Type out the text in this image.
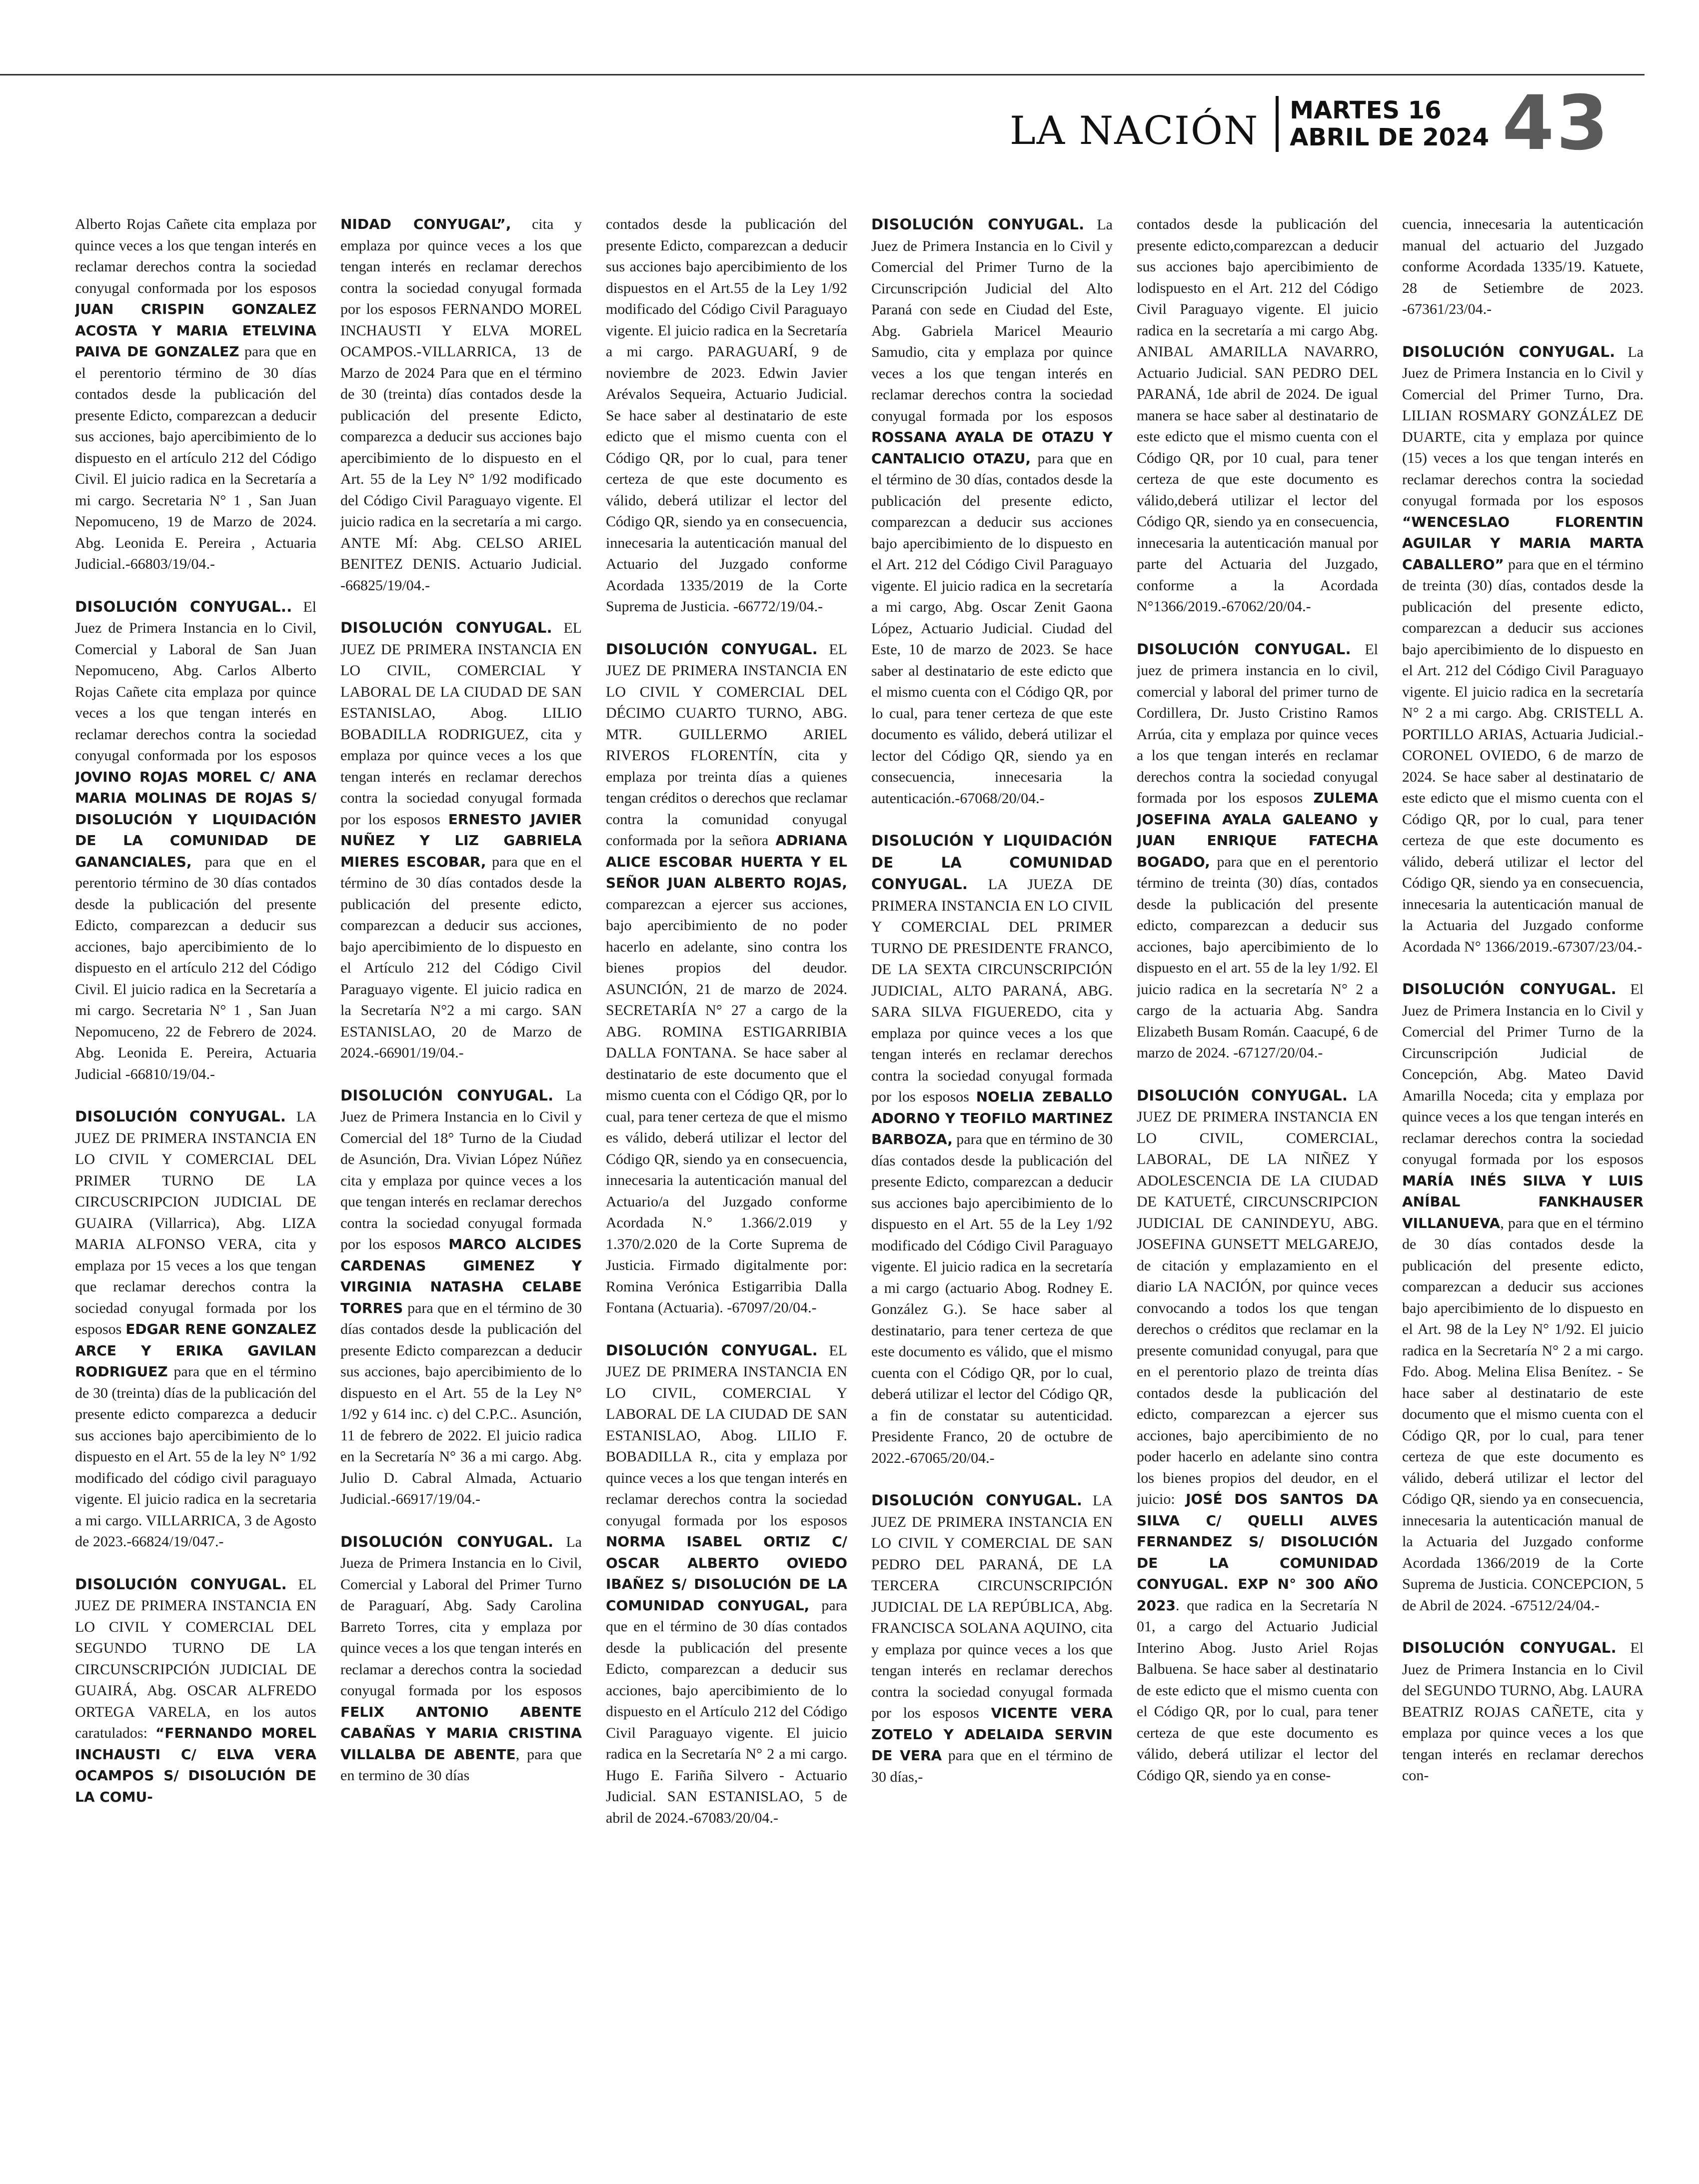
LA NACIÓN MARTES 16
ABRIL DE 2024 43

Alberto Rojas Cañete cita emplaza por quince veces a los que tengan interés en reclamar derechos contra la sociedad conyugal conformada por los esposos JUAN CRISPIN GONZALEZ ACOSTA Y MARIA ETELVINA PAIVA DE GONZALEZ para que en el perentorio término de 30 días contados desde la publicación del presente Edicto, comparezcan a deducir sus acciones, bajo apercibimiento de lo dispuesto en el artículo 212 del Código Civil. El juicio radica en la Secretaría a mi cargo. Secretaria N° 1 , San Juan Nepomuceno, 19 de Marzo de 2024. Abg. Leonida E. Pereira , Actuaria Judicial.-66803/19/04.-

DISOLUCIÓN CONYUGAL.. El Juez de Primera Instancia en lo Civil, Comercial y Laboral de San Juan Nepomuceno, Abg. Carlos Alberto Rojas Cañete cita emplaza por quince veces a los que tengan interés en reclamar derechos contra la sociedad conyugal conformada por los esposos JOVINO ROJAS MOREL C/ ANA MARIA MOLINAS DE ROJAS S/ DISOLUCIÓN Y LIQUIDACIÓN DE LA COMUNIDAD DE GANANCIALES, para que en el perentorio término de 30 días contados desde la publicación del presente Edicto, comparezcan a deducir sus acciones, bajo apercibimiento de lo dispuesto en el artículo 212 del Código Civil. El juicio radica en la Secretaría a mi cargo. Secretaria N° 1 , San Juan Nepomuceno, 22 de Febrero de 2024. Abg. Leonida E. Pereira, Actuaria Judicial -66810/19/04.-

DISOLUCIÓN CONYUGAL. LA JUEZ DE PRIMERA INSTANCIA EN LO CIVIL Y COMERCIAL DEL PRIMER TURNO DE LA CIRCUSCRIPCION JUDICIAL DE GUAIRA (Villarrica), Abg. LIZA MARIA ALFONSO VERA, cita y emplaza por 15 veces a los que tengan que reclamar derechos contra la sociedad conyugal formada por los esposos EDGAR RENE GONZALEZ ARCE Y ERIKA GAVILAN RODRIGUEZ para que en el término de 30 (treinta) días de la publicación del presente edicto comparezca a deducir sus acciones bajo apercibimiento de lo dispuesto en el Art. 55 de la ley N° 1/92 modificado del código civil paraguayo vigente. El juicio radica en la secretaria a mi cargo. VILLARRICA, 3 de Agosto de 2023.-66824/19/047.-

DISOLUCIÓN CONYUGAL. EL JUEZ DE PRIMERA INSTANCIA EN LO CIVIL Y COMERCIAL DEL SEGUNDO TURNO DE LA CIRCUNSCRIPCIÓN JUDICIAL DE GUAIRÁ, Abg. OSCAR ALFREDO ORTEGA VARELA, en los autos caratulados: “FERNANDO MOREL INCHAUSTI C/ ELVA VERA OCAMPOS S/ DISOLUCIÓN DE LA COMU-

NIDAD CONYUGAL”, cita y emplaza por quince veces a los que tengan interés en reclamar derechos contra la sociedad conyugal formada por los esposos FERNANDO MOREL INCHAUSTI Y ELVA MOREL OCAMPOS.-VILLARRICA, 13 de Marzo de 2024 Para que en el término de 30 (treinta) días contados desde la publicación del presente Edicto, comparezca a deducir sus acciones bajo apercibimiento de lo dispuesto en el Art. 55 de la Ley N° 1/92 modificado del Código Civil Paraguayo vigente. El juicio radica en la secretaría a mi cargo. ANTE MÍ: Abg. CELSO ARIEL BENITEZ DENIS. Actuario Judicial. -66825/19/04.-

DISOLUCIÓN CONYUGAL. EL JUEZ DE PRIMERA INSTANCIA EN LO CIVIL, COMERCIAL Y LABORAL DE LA CIUDAD DE SAN ESTANISLAO, Abog. LILIO BOBADILLA RODRIGUEZ, cita y emplaza por quince veces a los que tengan interés en reclamar derechos contra la sociedad conyugal formada por los esposos ERNESTO JAVIER NUÑEZ Y LIZ GABRIELA MIERES ESCOBAR, para que en el término de 30 días contados desde la publicación del presente edicto, comparezcan a deducir sus acciones, bajo apercibimiento de lo dispuesto en el Artículo 212 del Código Civil Paraguayo vigente. El juicio radica en la Secretaría N°2 a mi cargo. SAN ESTANISLAO, 20 de Marzo de 2024.-66901/19/04.-

DISOLUCIÓN CONYUGAL. La Juez de Primera Instancia en lo Civil y Comercial del 18° Turno de la Ciudad de Asunción, Dra. Vivian López Núñez cita y emplaza por quince veces a los que tengan interés en reclamar derechos contra la sociedad conyugal formada por los esposos MARCO ALCIDES CARDENAS GIMENEZ Y VIRGINIA NATASHA CELABE TORRES para que en el término de 30 días contados desde la publicación del presente Edicto comparezcan a deducir sus acciones, bajo apercibimiento de lo dispuesto en el Art. 55 de la Ley N° 1/92 y 614 inc. c) del C.P.C.. Asunción, 11 de febrero de 2022. El juicio radica en la Secretaría N° 36 a mi cargo. Abg. Julio D. Cabral Almada, Actuario Judicial.-66917/19/04.-

DISOLUCIÓN CONYUGAL. La Jueza de Primera Instancia en lo Civil, Comercial y Laboral del Primer Turno de Paraguarí, Abg. Sady Carolina Barreto Torres, cita y emplaza por quince veces a los que tengan interés en reclamar a derechos contra la sociedad conyugal formada por los esposos FELIX ANTONIO ABENTE CABAÑAS Y MARIA CRISTINA VILLALBA DE ABENTE, para que en termino de 30 días

contados desde la publicación del presente Edicto, comparezcan a deducir sus acciones bajo apercibimiento de los dispuestos en el Art.55 de la Ley 1/92 modificado del Código Civil Paraguayo vigente. El juicio radica en la Secretaría a mi cargo. PARAGUARÍ, 9 de noviembre de 2023. Edwin Javier Arévalos Sequeira, Actuario Judicial. Se hace saber al destinatario de este edicto que el mismo cuenta con el Código QR, por lo cual, para tener certeza de que este documento es válido, deberá utilizar el lector del Código QR, siendo ya en consecuencia, innecesaria la autenticación manual del Actuario del Juzgado conforme Acordada 1335/2019 de la Corte Suprema de Justicia. -66772/19/04.-

DISOLUCIÓN CONYUGAL. EL JUEZ DE PRIMERA INSTANCIA EN LO CIVIL Y COMERCIAL DEL DÉCIMO CUARTO TURNO, ABG. MTR. GUILLERMO ARIEL RIVEROS FLORENTÍN, cita y emplaza por treinta días a quienes tengan créditos o derechos que reclamar contra la comunidad conyugal conformada por la señora ADRIANA ALICE ESCOBAR HUERTA Y EL SEÑOR JUAN ALBERTO ROJAS, comparezcan a ejercer sus acciones, bajo apercibimiento de no poder hacerlo en adelante, sino contra los bienes propios del deudor. ASUNCIÓN, 21 de marzo de 2024. SECRETARÍA N° 27 a cargo de la ABG. ROMINA ESTIGARRIBIA DALLA FONTANA. Se hace saber al destinatario de este documento que el mismo cuenta con el Código QR, por lo cual, para tener certeza de que el mismo es válido, deberá utilizar el lector del Código QR, siendo ya en consecuencia, innecesaria la autenticación manual del Actuario/a del Juzgado conforme Acordada N.° 1.366/2.019 y 1.370/2.020 de la Corte Suprema de Justicia. Firmado digitalmente por: Romina Verónica Estigarribia Dalla Fontana (Actuaria). -67097/20/04.-

DISOLUCIÓN CONYUGAL. EL JUEZ DE PRIMERA INSTANCIA EN LO CIVIL, COMERCIAL Y LABORAL DE LA CIUDAD DE SAN ESTANISLAO, Abog. LILIO F. BOBADILLA R., cita y emplaza por quince veces a los que tengan interés en reclamar derechos contra la sociedad conyugal formada por los esposos NORMA ISABEL ORTIZ C/ OSCAR ALBERTO OVIEDO IBAÑEZ S/ DISOLUCIÓN DE LA COMUNIDAD CONYUGAL, para que en el término de 30 días contados desde la publicación del presente Edicto, comparezcan a deducir sus acciones, bajo apercibimiento de lo dispuesto en el Artículo 212 del Código Civil Paraguayo vigente. El juicio radica en la Secretaría N° 2 a mi cargo. Hugo E. Fariña Silvero - Actuario Judicial. SAN ESTANISLAO, 5 de abril de 2024.-67083/20/04.-

DISOLUCIÓN CONYUGAL. La Juez de Primera Instancia en lo Civil y Comercial del Primer Turno de la Circunscripción Judicial del Alto Paraná con sede en Ciudad del Este, Abg. Gabriela Maricel Meaurio Samudio, cita y emplaza por quince veces a los que tengan interés en reclamar derechos contra la sociedad conyugal formada por los esposos ROSSANA AYALA DE OTAZU Y CANTALICIO OTAZU, para que en el término de 30 días, contados desde la publicación del presente edicto, comparezcan a deducir sus acciones bajo apercibimiento de lo dispuesto en el Art. 212 del Código Civil Paraguayo vigente. El juicio radica en la secretaría a mi cargo, Abg. Oscar Zenit Gaona López, Actuario Judicial. Ciudad del Este, 10 de marzo de 2023. Se hace saber al destinatario de este edicto que el mismo cuenta con el Código QR, por lo cual, para tener certeza de que este documento es válido, deberá utilizar el lector del Código QR, siendo ya en consecuencia, innecesaria la autenticación.-67068/20/04.-

DISOLUCIÓN Y LIQUIDACIÓN DE LA COMUNIDAD CONYUGAL. LA JUEZA DE PRIMERA INSTANCIA EN LO CIVIL Y COMERCIAL DEL PRIMER TURNO DE PRESIDENTE FRANCO, DE LA SEXTA CIRCUNSCRIPCIÓN JUDICIAL, ALTO PARANÁ, ABG. SARA SILVA FIGUEREDO, cita y emplaza por quince veces a los que tengan interés en reclamar derechos contra la sociedad conyugal formada por los esposos NOELIA ZEBALLO ADORNO Y TEOFILO MARTINEZ BARBOZA, para que en término de 30 días contados desde la publicación del presente Edicto, comparezcan a deducir sus acciones bajo apercibimiento de lo dispuesto en el Art. 55 de la Ley 1/92 modificado del Código Civil Paraguayo vigente. El juicio radica en la secretaría a mi cargo (actuario Abog. Rodney E. González G.). Se hace saber al destinatario, para tener certeza de que este documento es válido, que el mismo cuenta con el Código QR, por lo cual, deberá utilizar el lector del Código QR, a fin de constatar su autenticidad. Presidente Franco, 20 de octubre de 2022.-67065/20/04.-

DISOLUCIÓN CONYUGAL. LA JUEZ DE PRIMERA INSTANCIA EN LO CIVIL Y COMERCIAL DE SAN PEDRO DEL PARANÁ, DE LA TERCERA CIRCUNSCRIPCIÓN JUDICIAL DE LA REPÚBLICA, Abg. FRANCISCA SOLANA AQUINO, cita y emplaza por quince veces a los que tengan interés en reclamar derechos contra la sociedad conyugal formada por los esposos VICENTE VERA ZOTELO Y ADELAIDA SERVIN DE VERA para que en el término de 30 días,-

contados desde la publicación del presente edicto,comparezcan a deducir sus acciones bajo apercibimiento de lodispuesto en el Art. 212 del Código Civil Paraguayo vigente. El juicio radica en la secretaría a mi cargo Abg. ANIBAL AMARILLA NAVARRO, Actuario Judicial. SAN PEDRO DEL PARANÁ, 1de abril de 2024. De igual manera se hace saber al destinatario de este edicto que el mismo cuenta con el Código QR, por 10 cual, para tener certeza de que este documento es válido,deberá utilizar el lector del Código QR, siendo ya en consecuencia, innecesaria la autenticación manual por parte del Actuaria del Juzgado, conforme a la Acordada N°1366/2019.-67062/20/04.-

DISOLUCIÓN CONYUGAL. El juez de primera instancia en lo civil, comercial y laboral del primer turno de Cordillera, Dr. Justo Cristino Ramos Arrúa, cita y emplaza por quince veces a los que tengan interés en reclamar derechos contra la sociedad conyugal formada por los esposos ZULEMA JOSEFINA AYALA GALEANO y JUAN ENRIQUE FATECHA BOGADO, para que en el perentorio término de treinta (30) días, contados desde la publicación del presente edicto, comparezcan a deducir sus acciones, bajo apercibimiento de lo dispuesto en el art. 55 de la ley 1/92. El juicio radica en la secretaría N° 2 a cargo de la actuaria Abg. Sandra Elizabeth Busam Román. Caacupé, 6 de marzo de 2024. -67127/20/04.-

DISOLUCIÓN CONYUGAL. LA JUEZ DE PRIMERA INSTANCIA EN LO CIVIL, COMERCIAL, LABORAL, DE LA NIÑEZ Y ADOLESCENCIA DE LA CIUDAD DE KATUETÉ, CIRCUNSCRIPCION JUDICIAL DE CANINDEYU, ABG. JOSEFINA GUNSETT MELGAREJO, de citación y emplazamiento en el diario LA NACIÓN, por quince veces convocando a todos los que tengan derechos o créditos que reclamar en la presente comunidad conyugal, para que en el perentorio plazo de treinta días contados desde la publicación del edicto, comparezcan a ejercer sus acciones, bajo apercibimiento de no poder hacerlo en adelante sino contra los bienes propios del deudor, en el juicio: JOSÉ DOS SANTOS DA SILVA C/ QUELLI ALVES FERNANDEZ S/ DISOLUCIÓN DE LA COMUNIDAD CONYUGAL. EXP N° 300 AÑO 2023. que radica en la Secretaría N 01, a cargo del Actuario Judicial Interino Abog. Justo Ariel Rojas Balbuena. Se hace saber al destinatario de este edicto que el mismo cuenta con el Código QR, por lo cual, para tener certeza de que este documento es válido, deberá utilizar el lector del Código QR, siendo ya en conse-

cuencia, innecesaria la autenticación manual del actuario del Juzgado conforme Acordada 1335/19. Katuete, 28 de Setiembre de 2023. -67361/23/04.-

DISOLUCIÓN CONYUGAL. La Juez de Primera Instancia en lo Civil y Comercial del Primer Turno, Dra. LILIAN ROSMARY GONZÁLEZ DE DUARTE, cita y emplaza por quince (15) veces a los que tengan interés en reclamar derechos contra la sociedad conyugal formada por los esposos “WENCESLAO FLORENTIN AGUILAR Y MARIA MARTA CABALLERO” para que en el término de treinta (30) días, contados desde la publicación del presente edicto, comparezcan a deducir sus acciones bajo apercibimiento de lo dispuesto en el Art. 212 del Código Civil Paraguayo vigente. El juicio radica en la secretaría N° 2 a mi cargo. Abg. CRISTELL A. PORTILLO ARIAS, Actuaria Judicial.-CORONEL OVIEDO, 6 de marzo de 2024. Se hace saber al destinatario de este edicto que el mismo cuenta con el Código QR, por lo cual, para tener certeza de que este documento es válido, deberá utilizar el lector del Código QR, siendo ya en consecuencia, innecesaria la autenticación manual de la Actuaria del Juzgado conforme Acordada N° 1366/2019.-67307/23/04.-

DISOLUCIÓN CONYUGAL. El Juez de Primera Instancia en lo Civil y Comercial del Primer Turno de la Circunscripción Judicial de Concepción, Abg. Mateo David Amarilla Noceda; cita y emplaza por quince veces a los que tengan interés en reclamar derechos contra la sociedad conyugal formada por los esposos MARÍA INÉS SILVA Y LUIS ANÍBAL FANKHAUSER VILLANUEVA, para que en el término de 30 días contados desde la publicación del presente edicto, comparezcan a deducir sus acciones bajo apercibimiento de lo dispuesto en el Art. 98 de la Ley N° 1/92. El juicio radica en la Secretaría N° 2 a mi cargo. Fdo. Abog. Melina Elisa Benítez. - Se hace saber al destinatario de este documento que el mismo cuenta con el Código QR, por lo cual, para tener certeza de que este documento es válido, deberá utilizar el lector del Código QR, siendo ya en consecuencia, innecesaria la autenticación manual de la Actuaria del Juzgado conforme Acordada 1366/2019 de la Corte Suprema de Justicia. CONCEPCION, 5 de Abril de 2024. -67512/24/04.-

DISOLUCIÓN CONYUGAL. El Juez de Primera Instancia en lo Civil del SEGUNDO TURNO, Abg. LAURA BEATRIZ ROJAS CAÑETE, cita y emplaza por quince veces a los que tengan interés en reclamar derechos con-
